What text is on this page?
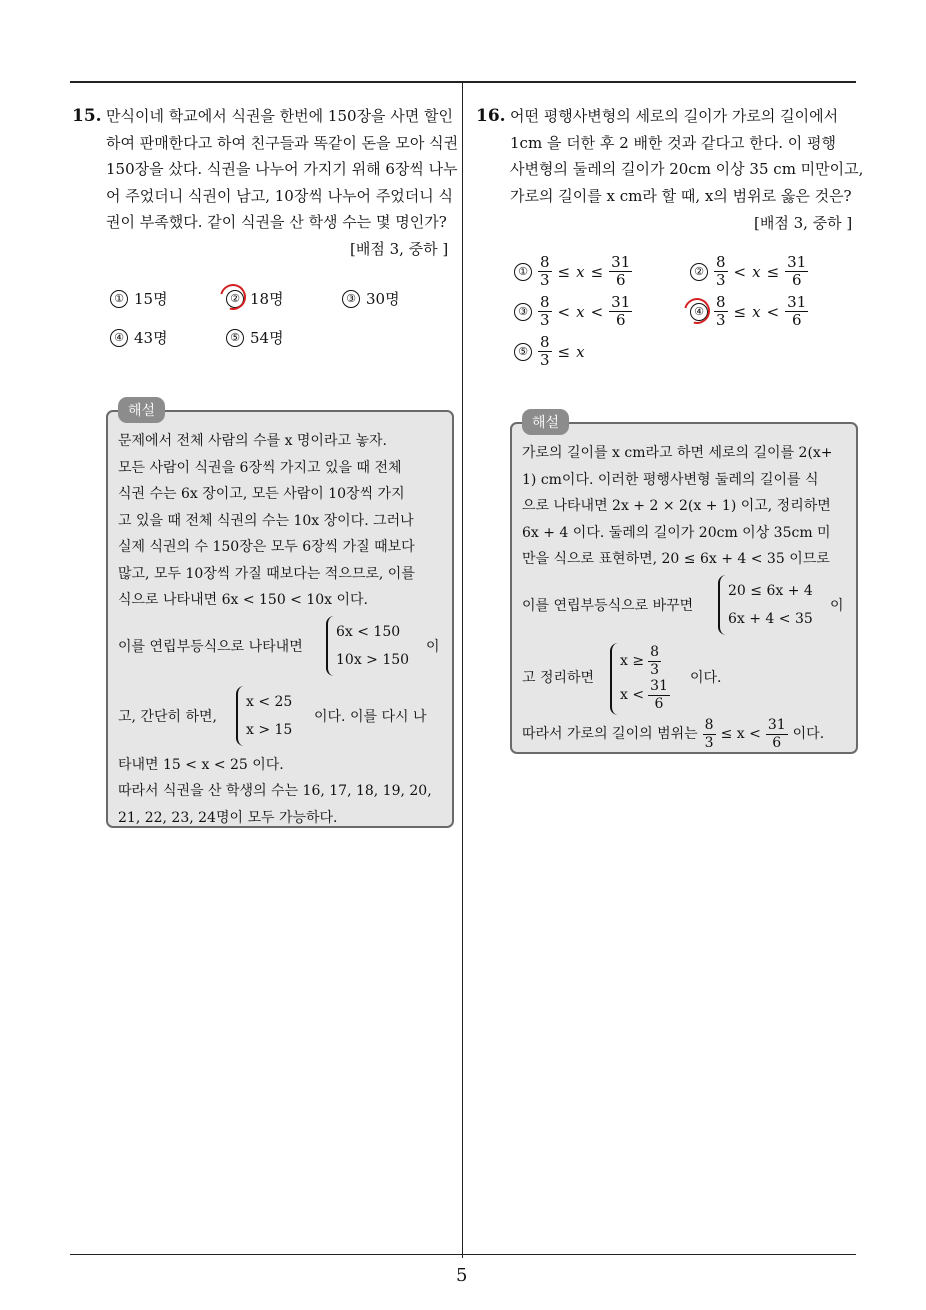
15. 만식이네 학교에서 식권을 한번에 150장을 사면 할인
하여 판매한다고 하여 친구들과 똑같이 돈을 모아 식권
150장을 샀다. 식권을 나누어 가지기 위해 6장씩 나누
어 주었더니 식권이 남고, 10장씩 나누어 주었더니 식
권이 부족했다. 같이 식권을 산 학생 수는 몇 명인가?
[배점 3, 중하 ]
① 15명	② 18명	③ 30명
④ 43명	⑤ 54명
해설
문제에서 전체 사람의 수를 x 명이라고 놓자.
모든 사람이 식권을 6장씩 가지고 있을 때 전체
식권 수는 6x 장이고, 모든 사람이 10장씩 가지
고 있을 때 전체 식권의 수는 10x 장이다. 그러나
실제 식권의 수 150장은 모두 6장씩 가질 때보다
많고, 모두 10장씩 가질 때보다는 적으므로, 이를
식으로 나타내면 6x < 150 < 10x 이다.
이를 연립부등식으로 나타내면
6x < 150
10x > 150
이
고, 간단히 하면,
x < 25
x > 15
이다. 이를 다시 나
타내면 15 < x < 25 이다.
따라서 식권을 산 학생의 수는 16, 17, 18, 19, 20,
21, 22, 23, 24명이 모두 가능하다.
16. 어떤 평행사변형의 세로의 길이가 가로의 길이에서
1cm 을 더한 후 2 배한 것과 같다고 한다. 이 평행
사변형의 둘레의 길이가 20cm 이상 35 cm 미만이고,
가로의 길이를 x cm라 할 때, x의 범위로 옳은 것은?
[배점 3, 중하 ]
① $\frac{8}{3} \le x \le \frac{31}{6}$	② $\frac{8}{3} < x \le \frac{31}{6}$
③ $\frac{8}{3} < x < \frac{31}{6}$	④ $\frac{8}{3} \le x < \frac{31}{6}$
⑤ $\frac{8}{3} \le x$
해설
가로의 길이를 x cm라고 하면 세로의 길이를 2(x+
1) cm이다. 이러한 평행사변형 둘레의 길이를 식
으로 나타내면 2x + 2 × 2(x + 1) 이고, 정리하면
6x + 4 이다. 둘레의 길이가 20cm 이상 35cm 미
만을 식으로 표현하면, 20 ≤ 6x + 4 < 35 이므로
이를 연립부등식으로 바꾸면
20 ≤ 6x + 4
6x + 4 < 35
이
고 정리하면
$x \ge \frac{8}{3}$
$x < \frac{31}{6}$
이다.
따라서 가로의 길이의 범위는 $\frac{8}{3} \le x < \frac{31}{6}$ 이다.
5
